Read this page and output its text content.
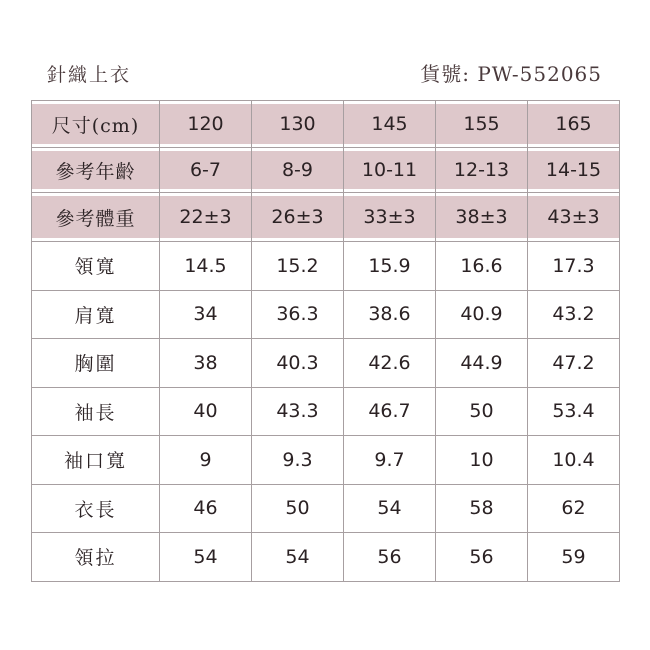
針織上衣	貨號: PW-552065
尺寸(cm)	120	130	145	155	165
參考年齡	6-7	8-9	10-11	12-13	14-15
參考體重	22±3	26±3	33±3	38±3	43±3
領寬	14.5	15.2	15.9	16.6	17.3
肩寬	34	36.3	38.6	40.9	43.2
胸圍	38	40.3	42.6	44.9	47.2
袖長	40	43.3	46.7	50	53.4
袖口寬	9	9.3	9.7	10	10.4
衣長	46	50	54	58	62
領拉	54	54	56	56	59
